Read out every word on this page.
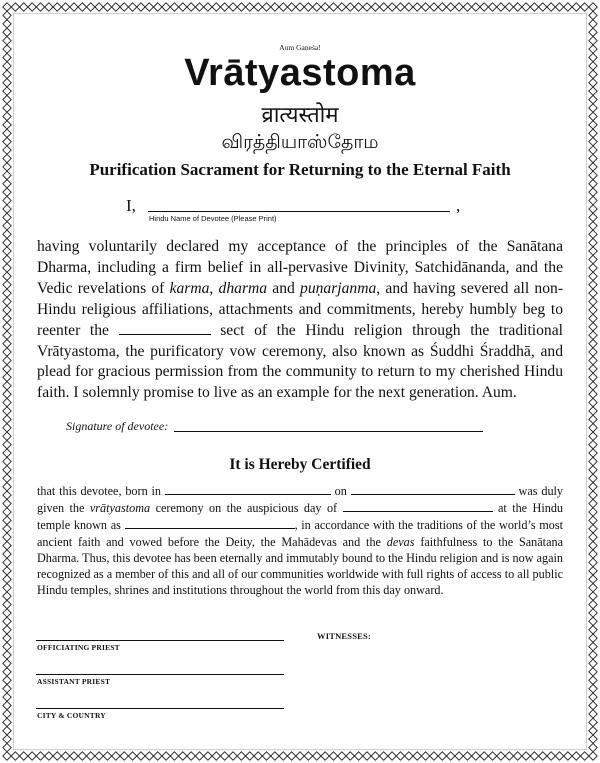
Aum Gaṇeśa!
Vrātyastoma
व्रात्यस्तोम
விரத்தியாஸ்தோம
Purification Sacrament for Returning to the Eternal Faith
I,	,
Hindu Name of Devotee (Please Print)
having voluntarily declared my acceptance of the principles of the Sanātana Dharma, including a firm belief in all-pervasive Divinity, Satchidānanda, and the Vedic revelations of karma, dharma and puṇarjanma, and having severed all non-Hindu religious affiliations, attachments and commitments, hereby humbly beg to reenter the	sect of the Hindu religion through the traditional Vrātyastoma, the purificatory vow ceremony, also known as Śuddhi Śraddhā, and plead for gracious permission from the community to return to my cherished Hindu faith. I solemnly promise to live as an example for the next generation. Aum.
Signature of devotee:
It is Hereby Certified
that this devotee, born in	on	was duly given the vrātyastoma ceremony on the auspicious day of	at the Hindu temple known as	, in accordance with the traditions of the world’s most ancient faith and vowed before the Deity, the Mahādevas and the devas faithfulness to the Sanātana Dharma. Thus, this devotee has been eternally and immutably bound to the Hindu religion and is now again recognized as a member of this and all of our communities worldwide with full rights of access to all public Hindu temples, shrines and institutions throughout the world from this day onward.
OFFICIATING PRIEST
ASSISTANT PRIEST
CITY & COUNTRY
WITNESSES:
